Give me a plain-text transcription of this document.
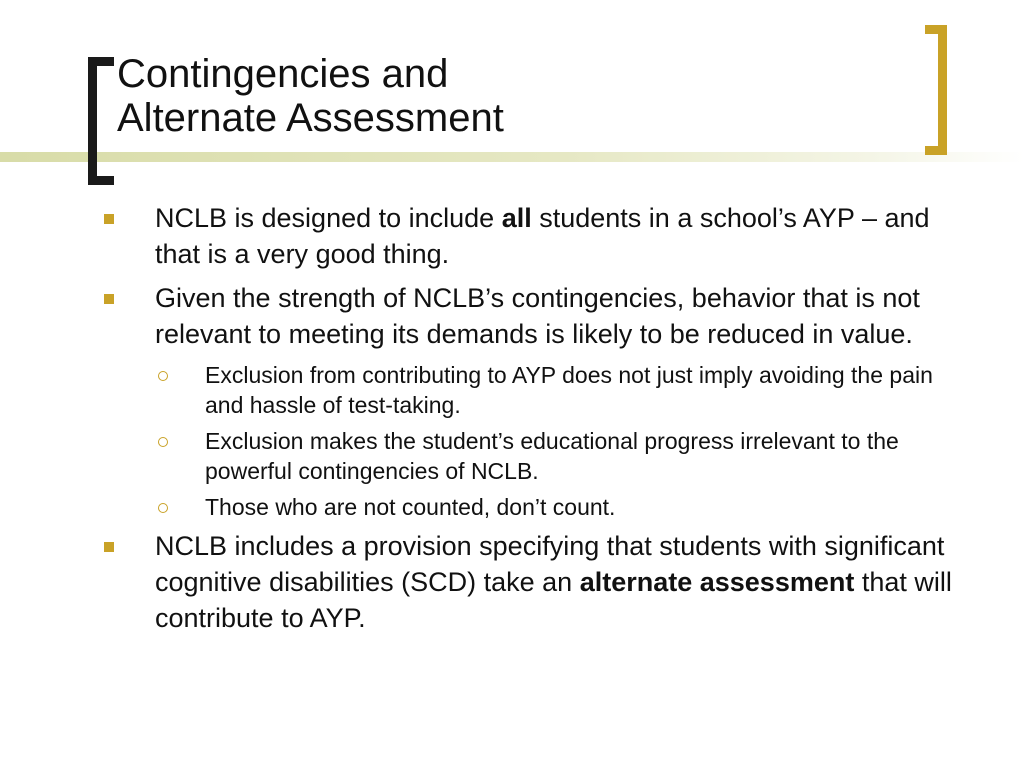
Contingencies and
Alternate Assessment
NCLB is designed to include all students in a school’s AYP – and that is a very good thing.
Given the strength of NCLB’s contingencies, behavior that is not relevant to meeting its demands is likely to be reduced in value.
Exclusion from contributing to AYP does not just imply avoiding the pain and hassle of test-taking.
Exclusion makes the student’s educational progress irrelevant to the powerful contingencies of NCLB.
Those who are not counted, don’t count.
NCLB includes a provision specifying that students with significant cognitive disabilities (SCD) take an alternate assessment that will contribute to AYP.
